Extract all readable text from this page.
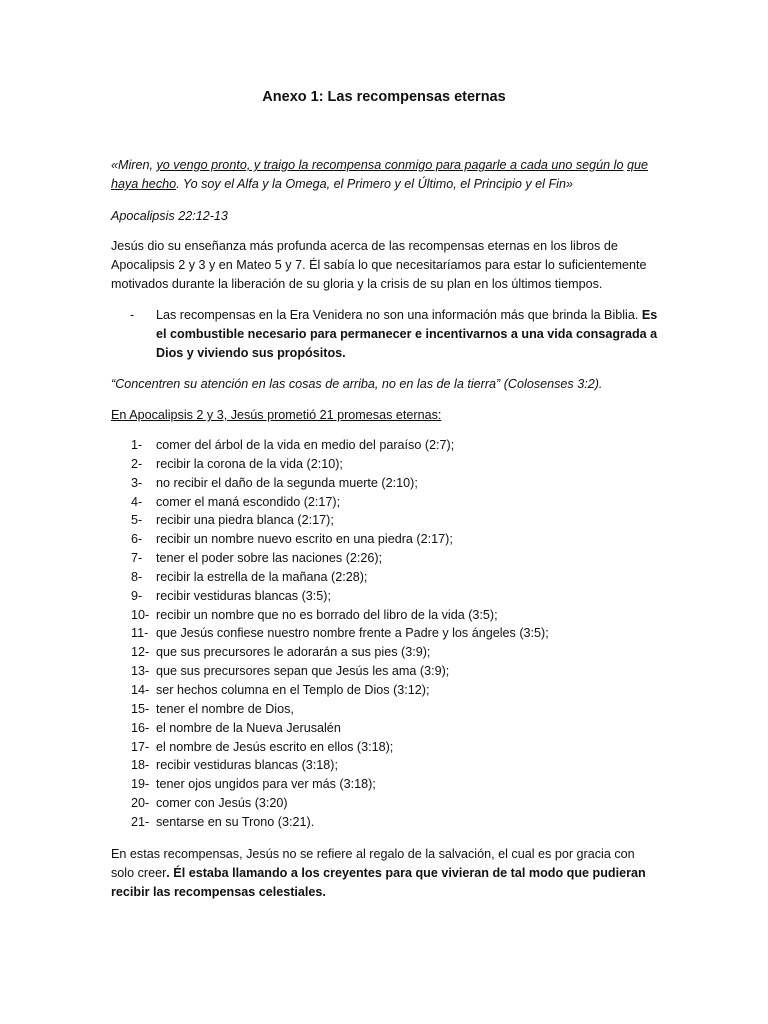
Anexo 1: Las recompensas eternas

«Miren, yo vengo pronto, y traigo la recompensa conmigo para pagarle a cada uno según lo que haya hecho. Yo soy el Alfa y la Omega, el Primero y el Último, el Principio y el Fin»

Apocalipsis 22:12-13

Jesús dio su enseñanza más profunda acerca de las recompensas eternas en los libros de Apocalipsis 2 y 3 y en Mateo 5 y 7. Él sabía lo que necesitaríamos para estar lo suficientemente motivados durante la liberación de su gloria y la crisis de su plan en los últimos tiempos.

-	Las recompensas en la Era Venidera no son una información más que brinda la Biblia. Es el combustible necesario para permanecer e incentivarnos a una vida consagrada a Dios y viviendo sus propósitos.

“Concentren su atención en las cosas de arriba, no en las de la tierra” (Colosenses 3:2).

En Apocalipsis 2 y 3, Jesús prometió 21 promesas eternas:

1-	comer del árbol de la vida en medio del paraíso (2:7);
2-	recibir la corona de la vida (2:10);
3-	no recibir el daño de la segunda muerte (2:10);
4-	comer el maná escondido (2:17);
5-	recibir una piedra blanca (2:17);
6-	recibir un nombre nuevo escrito en una piedra (2:17);
7-	tener el poder sobre las naciones (2:26);
8-	recibir la estrella de la mañana (2:28);
9-	recibir vestiduras blancas (3:5);
10- recibir un nombre que no es borrado del libro de la vida (3:5);
11- que Jesús confiese nuestro nombre frente a Padre y los ángeles (3:5);
12- que sus precursores le adorarán a sus pies (3:9);
13- que sus precursores sepan que Jesús les ama (3:9);
14- ser hechos columna en el Templo de Dios (3:12);
15- tener el nombre de Dios,
16- el nombre de la Nueva Jerusalén
17- el nombre de Jesús escrito en ellos (3:18);
18- recibir vestiduras blancas (3:18);
19- tener ojos ungidos para ver más (3:18);
20- comer con Jesús (3:20)
21- sentarse en su Trono (3:21).

En estas recompensas, Jesús no se refiere al regalo de la salvación, el cual es por gracia con solo creer. Él estaba llamando a los creyentes para que vivieran de tal modo que pudieran recibir las recompensas celestiales.
